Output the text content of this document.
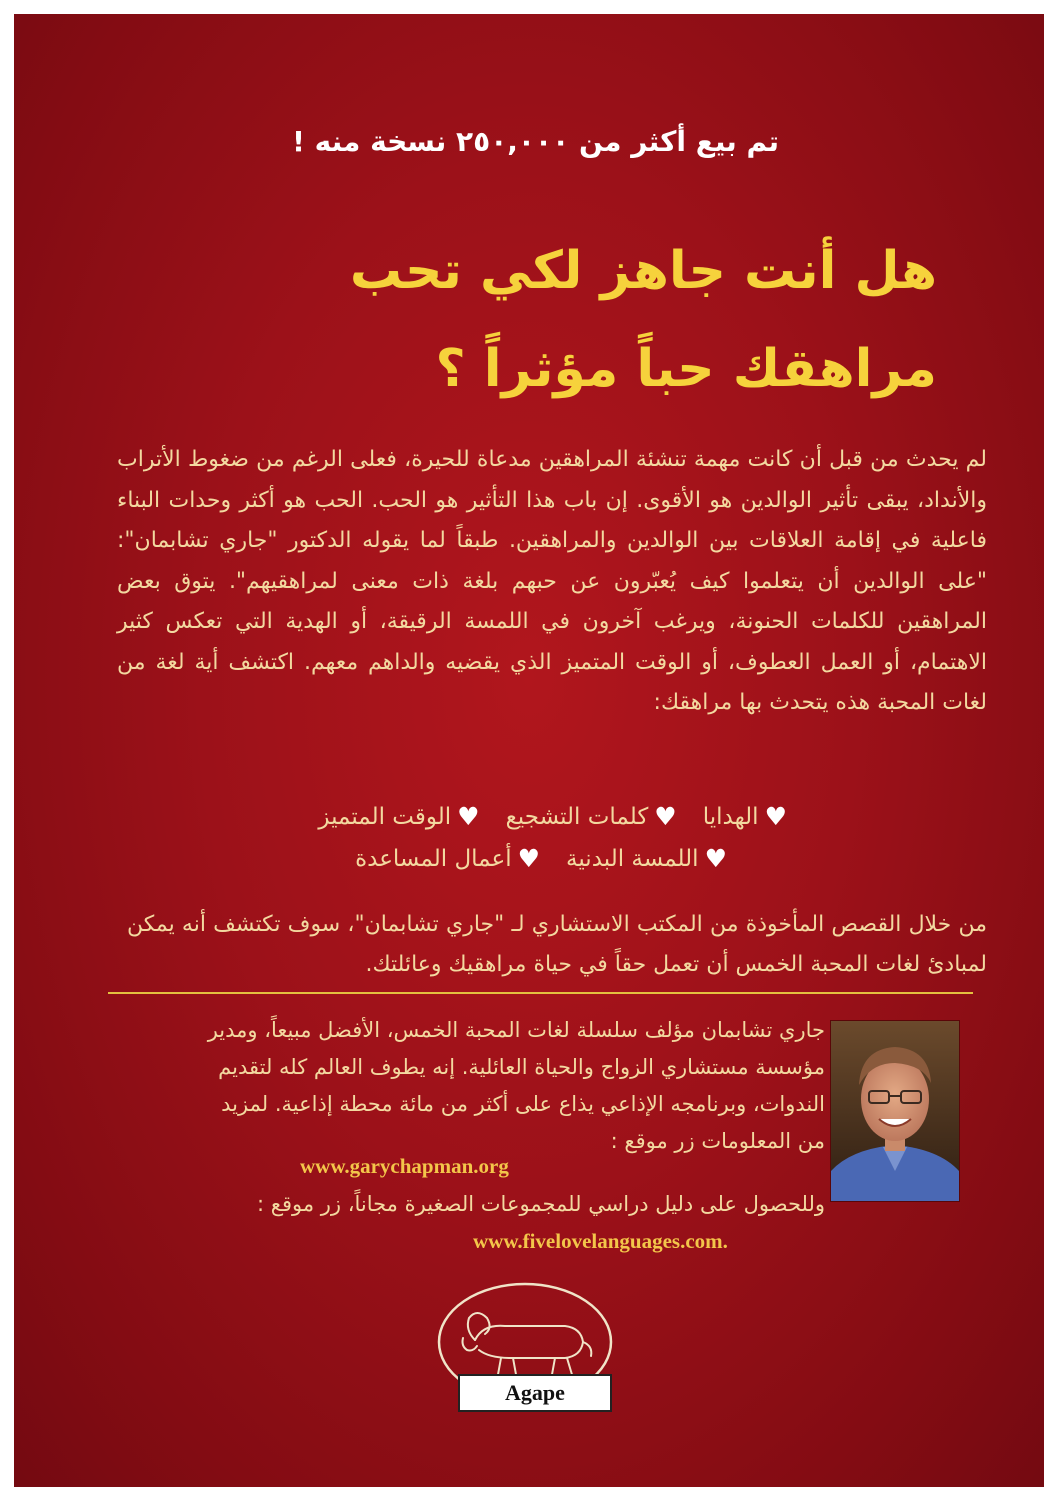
تم بيع أكثر من ٢٥٠,٠٠٠ نسخة منه !

هل أنت جاهز لكي تحب
مراهقك حباً مؤثراً ؟

لم يحدث من قبل أن كانت مهمة تنشئة المراهقين مدعاة للحيرة، فعلى الرغم من ضغوط الأتراب والأنداد، يبقى تأثير الوالدين هو الأقوى. إن باب هذا التأثير هو الحب. الحب هو أكثر وحدات البناء فاعلية في إقامة العلاقات بين الوالدين والمراهقين. طبقاً لما يقوله الدكتور "جاري تشابمان": "على الوالدين أن يتعلموا كيف يُعبّرون عن حبهم بلغة ذات معنى لمراهقيهم". يتوق بعض المراهقين للكلمات الحنونة، ويرغب آخرون في اللمسة الرقيقة، أو الهدية التي تعكس كثير الاهتمام، أو العمل العطوف، أو الوقت المتميز الذي يقضيه والداهم معهم. اكتشف أية لغة من لغات المحبة هذه يتحدث بها مراهقك:

♥
الهدايا
♥
كلمات التشجيع
♥
الوقت المتميز
♥
اللمسة البدنية
♥
أعمال المساعدة

من خلال القصص المأخوذة من المكتب الاستشاري لـ "جاري تشابمان"، سوف تكتشف أنه يمكن لمبادئ لغات المحبة الخمس أن تعمل حقاً في حياة مراهقيك وعائلتك.

جاري تشابمان مؤلف سلسلة لغات المحبة الخمس، الأفضل مبيعاً، ومدير

مؤسسة مستشاري الزواج والحياة العائلية. إنه يطوف العالم كله لتقديم

الندوات، وبرنامجه الإذاعي يذاع على أكثر من مائة محطة إذاعية. لمزيد

من المعلومات زر موقع :

www.garychapman.org

وللحصول على دليل دراسي للمجموعات الصغيرة مجاناً، زر موقع :

www.fivelovelanguages.com.

Agape
